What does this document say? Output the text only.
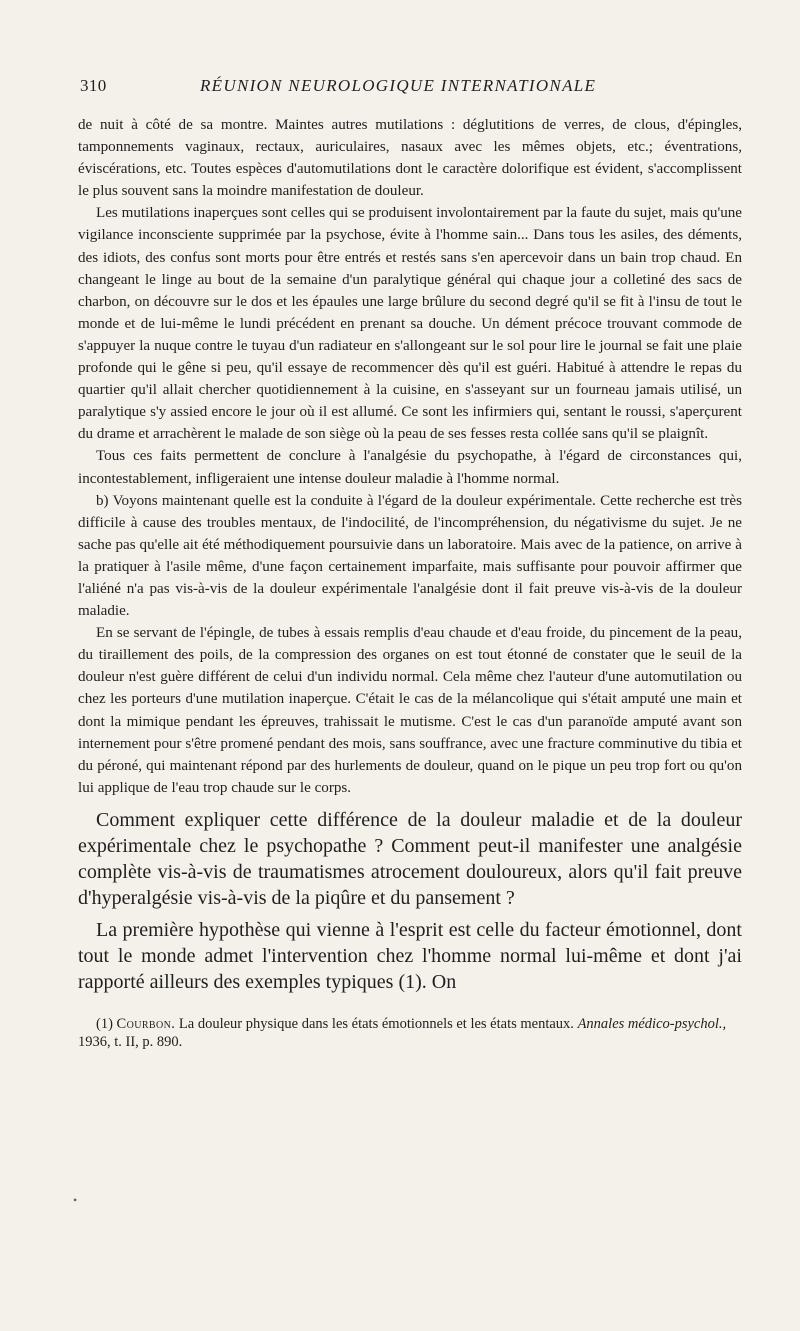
310	RÉUNION NEUROLOGIQUE INTERNATIONALE

de nuit à côté de sa montre. Maintes autres mutilations : déglutitions de verres, de clous, d'épingles, tamponnements vaginaux, rectaux, auriculaires, nasaux avec les mêmes objets, etc.; éventrations, éviscérations, etc. Toutes espèces d'automutilations dont le caractère dolorifique est évident, s'accomplissent le plus souvent sans la moindre manifestation de douleur.

Les mutilations inaperçues sont celles qui se produisent involontairement par la faute du sujet, mais qu'une vigilance inconsciente supprimée par la psychose, évite à l'homme sain... Dans tous les asiles, des déments, des idiots, des confus sont morts pour être entrés et restés sans s'en apercevoir dans un bain trop chaud. En changeant le linge au bout de la semaine d'un paralytique général qui chaque jour a colletiné des sacs de charbon, on découvre sur le dos et les épaules une large brûlure du second degré qu'il se fit à l'insu de tout le monde et de lui-même le lundi précédent en prenant sa douche. Un dément précoce trouvant commode de s'appuyer la nuque contre le tuyau d'un radiateur en s'allongeant sur le sol pour lire le journal se fait une plaie profonde qui le gêne si peu, qu'il essaye de recommencer dès qu'il est guéri. Habitué à attendre le repas du quartier qu'il allait chercher quotidiennement à la cuisine, en s'asseyant sur un fourneau jamais utilisé, un paralytique s'y assied encore le jour où il est allumé. Ce sont les infirmiers qui, sentant le roussi, s'aperçurent du drame et arrachèrent le malade de son siège où la peau de ses fesses resta collée sans qu'il se plaignît.

Tous ces faits permettent de conclure à l'analgésie du psychopathe, à l'égard de circonstances qui, incontestablement, infligeraient une intense douleur maladie à l'homme normal.

b) Voyons maintenant quelle est la conduite à l'égard de la douleur expérimentale. Cette recherche est très difficile à cause des troubles mentaux, de l'indocilité, de l'incompréhension, du négativisme du sujet. Je ne sache pas qu'elle ait été méthodiquement poursuivie dans un laboratoire. Mais avec de la patience, on arrive à la pratiquer à l'asile même, d'une façon certainement imparfaite, mais suffisante pour pouvoir affirmer que l'aliéné n'a pas vis-à-vis de la douleur expérimentale l'analgésie dont il fait preuve vis-à-vis de la douleur maladie.

En se servant de l'épingle, de tubes à essais remplis d'eau chaude et d'eau froide, du pincement de la peau, du tiraillement des poils, de la compression des organes on est tout étonné de constater que le seuil de la douleur n'est guère différent de celui d'un individu normal. Cela même chez l'auteur d'une automutilation ou chez les porteurs d'une mutilation inaperçue. C'était le cas de la mélancolique qui s'était amputé une main et dont la mimique pendant les épreuves, trahissait le mutisme. C'est le cas d'un paranoïde amputé avant son internement pour s'être promené pendant des mois, sans souffrance, avec une fracture comminutive du tibia et du péroné, qui maintenant répond par des hurlements de douleur, quand on le pique un peu trop fort ou qu'on lui applique de l'eau trop chaude sur le corps.

Comment expliquer cette différence de la douleur maladie et de la douleur expérimentale chez le psychopathe ? Comment peut-il manifester une analgésie complète vis-à-vis de traumatismes atrocement douloureux, alors qu'il fait preuve d'hyperalgésie vis-à-vis de la piqûre et du pansement ?

La première hypothèse qui vienne à l'esprit est celle du facteur émotionnel, dont tout le monde admet l'intervention chez l'homme normal lui-même et dont j'ai rapporté ailleurs des exemples typiques (1). On

(1) Courbon. La douleur physique dans les états émotionnels et les états mentaux. Annales médico-psychol., 1936, t. II, p. 890.
•
